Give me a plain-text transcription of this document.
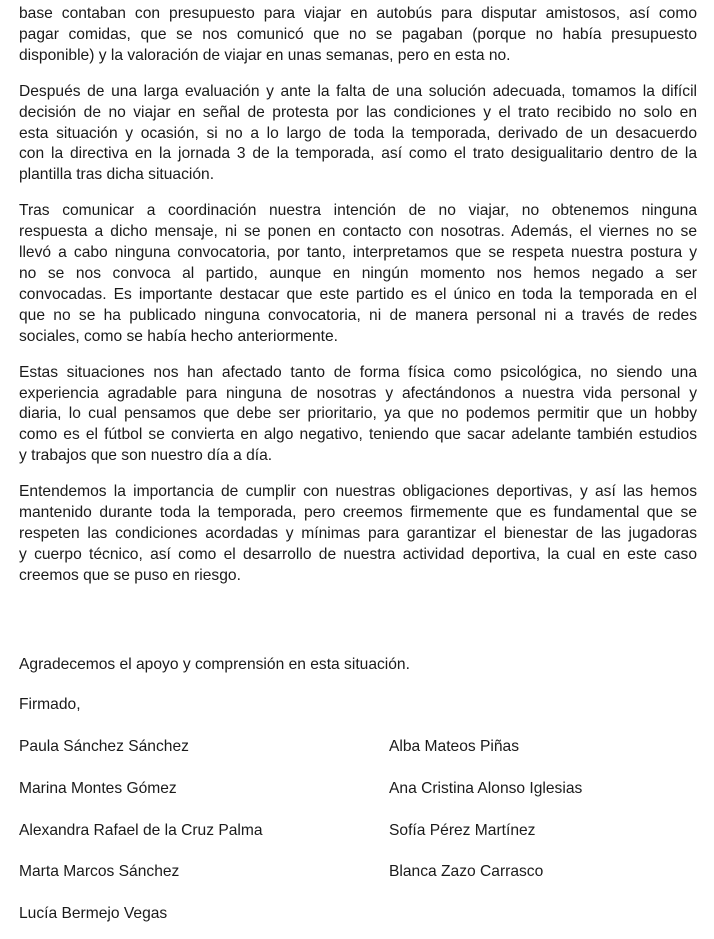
base contaban con presupuesto para viajar en autobús para disputar amistosos, así como
pagar comidas, que se nos comunicó que no se pagaban (porque no había presupuesto
disponible) y la valoración de viajar en unas semanas, pero en esta no.
Después de una larga evaluación y ante la falta de una solución adecuada, tomamos la difícil
decisión de no viajar en señal de protesta por las condiciones y el trato recibido no solo en
esta situación y ocasión, si no a lo largo de toda la temporada, derivado de un desacuerdo
con la directiva en la jornada 3 de la temporada, así como el trato desigualitario dentro de la
plantilla tras dicha situación.
Tras comunicar a coordinación nuestra intención de no viajar, no obtenemos ninguna
respuesta a dicho mensaje, ni se ponen en contacto con nosotras. Además, el viernes no se
llevó a cabo ninguna convocatoria, por tanto, interpretamos que se respeta nuestra postura y
no se nos convoca al partido, aunque en ningún momento nos hemos negado a ser
convocadas. Es importante destacar que este partido es el único en toda la temporada en el
que no se ha publicado ninguna convocatoria, ni de manera personal ni a través de redes
sociales, como se había hecho anteriormente.
Estas situaciones nos han afectado tanto de forma física como psicológica, no siendo una
experiencia agradable para ninguna de nosotras y afectándonos a nuestra vida personal y
diaria, lo cual pensamos que debe ser prioritario, ya que no podemos permitir que un hobby
como es el fútbol se convierta en algo negativo, teniendo que sacar adelante también estudios
y trabajos que son nuestro día a día.
Entendemos la importancia de cumplir con nuestras obligaciones deportivas, y así las hemos
mantenido durante toda la temporada, pero creemos firmemente que es fundamental que se
respeten las condiciones acordadas y mínimas para garantizar el bienestar de las jugadoras
y cuerpo técnico, así como el desarrollo de nuestra actividad deportiva, la cual en este caso
creemos que se puso en riesgo.

Agradecemos el apoyo y comprensión en esta situación.

Firmado,

Paula Sánchez Sánchez

Marina Montes Gómez

Alexandra Rafael de la Cruz Palma

Marta Marcos Sánchez

Lucía Bermejo Vegas

Alba Mateos Piñas

Ana Cristina Alonso Iglesias

Sofía Pérez Martínez

Blanca Zazo Carrasco
